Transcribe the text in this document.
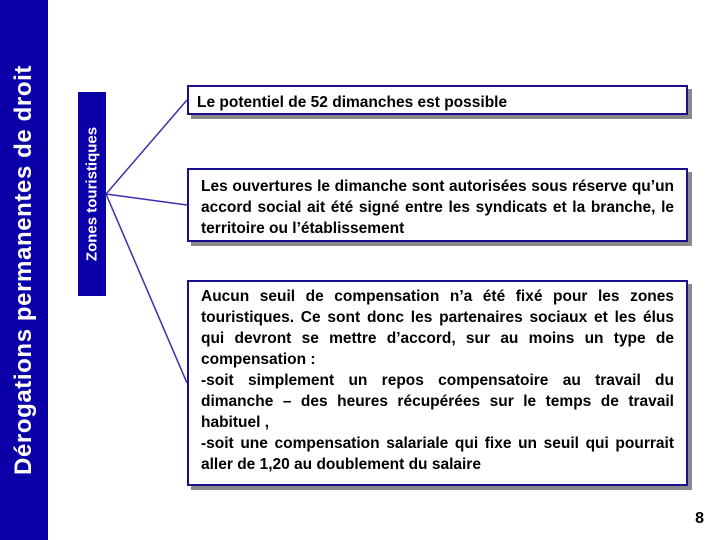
Dérogations permanentes de droit	Zones touristiques
Le potentiel de 52 dimanches est possible
Les ouvertures le dimanche sont autorisées sous réserve qu’un accord social ait été signé entre les syndicats et la branche, le territoire ou l’établissement

Aucun seuil de compensation n’a été fixé pour les zones touristiques. Ce sont donc les partenaires sociaux et les élus qui devront se mettre d’accord, sur au moins un type de compensation :

-soit simplement un repos compensatoire au travail du dimanche – des heures récupérées sur le temps de travail habituel ,

-soit une compensation salariale qui fixe un seuil qui pourrait aller de 1,20 au doublement du salaire

8
